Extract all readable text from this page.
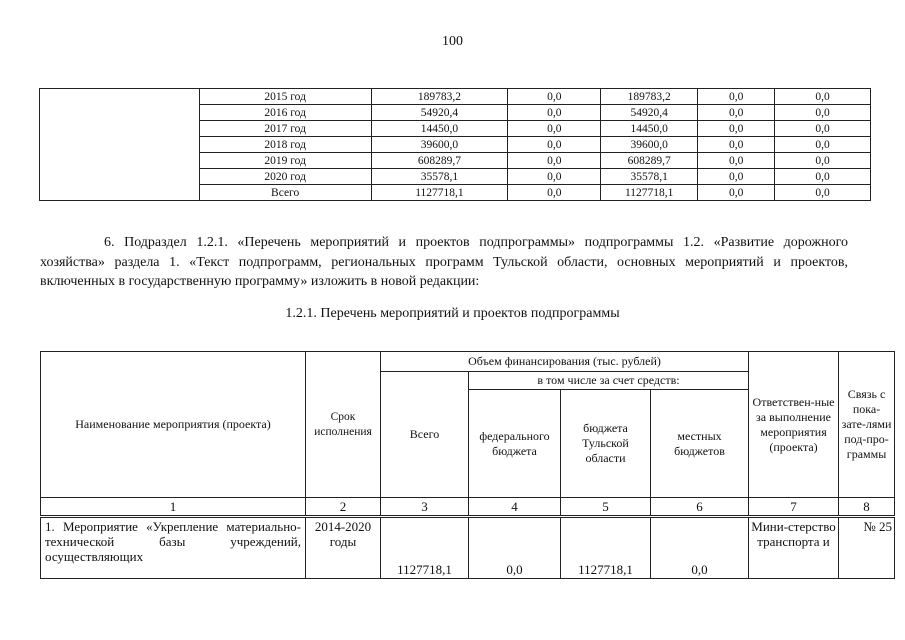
100
	2015 год	189783,2	0,0	189783,2	0,0	0,0
	2016 год	54920,4	0,0	54920,4	0,0	0,0
	2017 год	14450,0	0,0	14450,0	0,0	0,0
	2018 год	39600,0	0,0	39600,0	0,0	0,0
	2019 год	608289,7	0,0	608289,7	0,0	0,0
	2020 год	35578,1	0,0	35578,1	0,0	0,0
	Всего	1127718,1	0,0	1127718,1	0,0	0,0
6. Подраздел 1.2.1. «Перечень мероприятий и проектов подпрограммы» подпрограммы 1.2. «Развитие дорожного хозяйства» раздела 1. «Текст подпрограмм, региональных программ Тульской области, основных мероприятий и проектов, включенных в государственную программу» изложить в новой редакции:
1.2.1. Перечень мероприятий и проектов подпрограммы
Наименование мероприятия (проекта)	Срок исполнения	Объем финансирования (тыс. рублей)				Ответствен-ные за выполнение мероприятия (проекта)	Связь с пока-зате-лями под-про-граммы
		Всего	в том числе за счет средств:				
			федерального бюджета	бюджета Тульской области	местных бюджетов		
1	2	3	4	5	6	7	8
1. Мероприятие «Укрепление материально-технической базы учреждений, осуществляющих	2014-2020 годы	1127718,1	0,0	1127718,1	0,0	Мини-стерство транспорта и	№ 25
